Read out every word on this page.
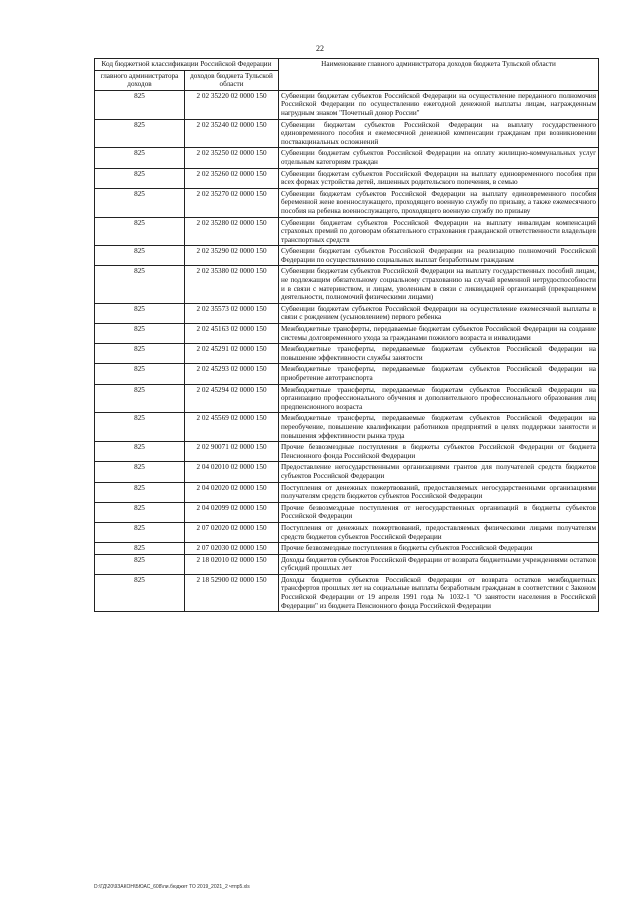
22
Код бюджетной классификации Российской Федерации		Наименование главного администратора доходов бюджета Тульской области
главного администратора доходов	доходов бюджета Тульской области	
825	2 02 35220 02 0000 150	Субвенции бюджетам субъектов Российской Федерации на осуществление переданного полномочия Российской Федерации по осуществлению ежегодной денежной выплаты лицам, награжденным нагрудным знаком "Почетный донор России"
825	2 02 35240 02 0000 150	Субвенции бюджетам субъектов Российской Федерации на выплату государственного единовременного пособия и ежемесячной денежной компенсации гражданам при возникновении поствакцинальных осложнений
825	2 02 35250 02 0000 150	Субвенции бюджетам субъектов Российской Федерации на оплату жилищно-коммунальных услуг отдельным категориям граждан
825	2 02 35260 02 0000 150	Субвенции бюджетам субъектов Российской Федерации на выплату единовременного пособия при всех формах устройства детей, лишенных родительского попечения, в семью
825	2 02 35270 02 0000 150	Субвенции бюджетам субъектов Российской Федерации на выплату единовременного пособия беременной жене военнослужащего, проходящего военную службу по призыву, а также ежемесячного пособия на ребенка военнослужащего, проходящего военную службу по призыву
825	2 02 35280 02 0000 150	Субвенции бюджетам субъектов Российской Федерации на выплату инвалидам компенсаций страховых премий по договорам обязательного страхования гражданской ответственности владельцев транспортных средств
825	2 02 35290 02 0000 150	Субвенции бюджетам субъектов Российской Федерации на реализацию полномочий Российской Федерации по осуществлению социальных выплат безработным гражданам
825	2 02 35380 02 0000 150	Субвенции бюджетам субъектов Российской Федерации на выплату государственных пособий лицам, не подлежащим обязательному социальному страхованию на случай временной нетрудоспособности и в связи с материнством, и лицам, уволенным в связи с ликвидацией организаций (прекращением деятельности, полномочий физическими лицами)
825	2 02 35573 02 0000 150	Субвенции бюджетам субъектов Российской Федерации на осуществление ежемесячной выплаты в связи с рождением (усыновлением) первого ребенка
825	2 02 45163 02 0000 150	Межбюджетные трансферты, передаваемые бюджетам субъектов Российской Федерации на создание системы долговременного ухода за гражданами пожилого возраста и инвалидами
825	2 02 45291 02 0000 150	Межбюджетные трансферты, передаваемые бюджетам субъектов Российской Федерации на повышение эффективности службы занятости
825	2 02 45293 02 0000 150	Межбюджетные трансферты, передаваемые бюджетам субъектов Российской Федерации на приобретение автотранспорта
825	2 02 45294 02 0000 150	Межбюджетные трансферты, передаваемые бюджетам субъектов Российской Федерации на организацию профессионального обучения и дополнительного профессионального образования лиц предпенсионного возраста
825	2 02 45569 02 0000 150	Межбюджетные трансферты, передаваемые бюджетам субъектов Российской Федерации на переобучение, повышение квалификации работников предприятий в целях поддержки занятости и повышения эффективности рынка труда
825	2 02 90071 02 0000 150	Прочие безвозмездные поступления в бюджеты субъектов Российской Федерации от бюджета Пенсионного фонда Российской Федерации
825	2 04 02010 02 0000 150	Предоставление негосударственными организациями грантов для получателей средств бюджетов субъектов Российской Федерации
825	2 04 02020 02 0000 150	Поступления от денежных пожертвований, предоставляемых негосударственными организациями получателям средств бюджетов субъектов Российской Федерации
825	2 04 02099 02 0000 150	Прочие безвозмездные поступления от негосударственных организаций в бюджеты субъектов Российской Федерации
825	2 07 02020 02 0000 150	Поступления от денежных пожертвований, предоставляемых физическими лицами получателям средств бюджетов субъектов Российской Федерации
825	2 07 02030 02 0000 150	Прочие безвозмездные поступления в бюджеты субъектов Российской Федерации
825	2 18 02010 02 0000 150	Доходы бюджетов субъектов Российской Федерации от возврата бюджетными учреждениями остатков субсидий прошлых лет
825	2 18 52900 02 0000 150	Доходы бюджетов субъектов Российской Федерации от возврата остатков межбюджетных трансфертов прошлых лет на социальные выплаты безработным гражданам в соответствии с Законом Российской Федерации от 19 апреля 1991 года № 1032-1 "О занятости населения в Российской Федерации" из бюджета Пенсионного фонда Российской Федерации
D:\ГД\20\9ЗАКОН\БЮАС_608\ли.бюджет ТО 2019_2021_2 чтпр5.xls
